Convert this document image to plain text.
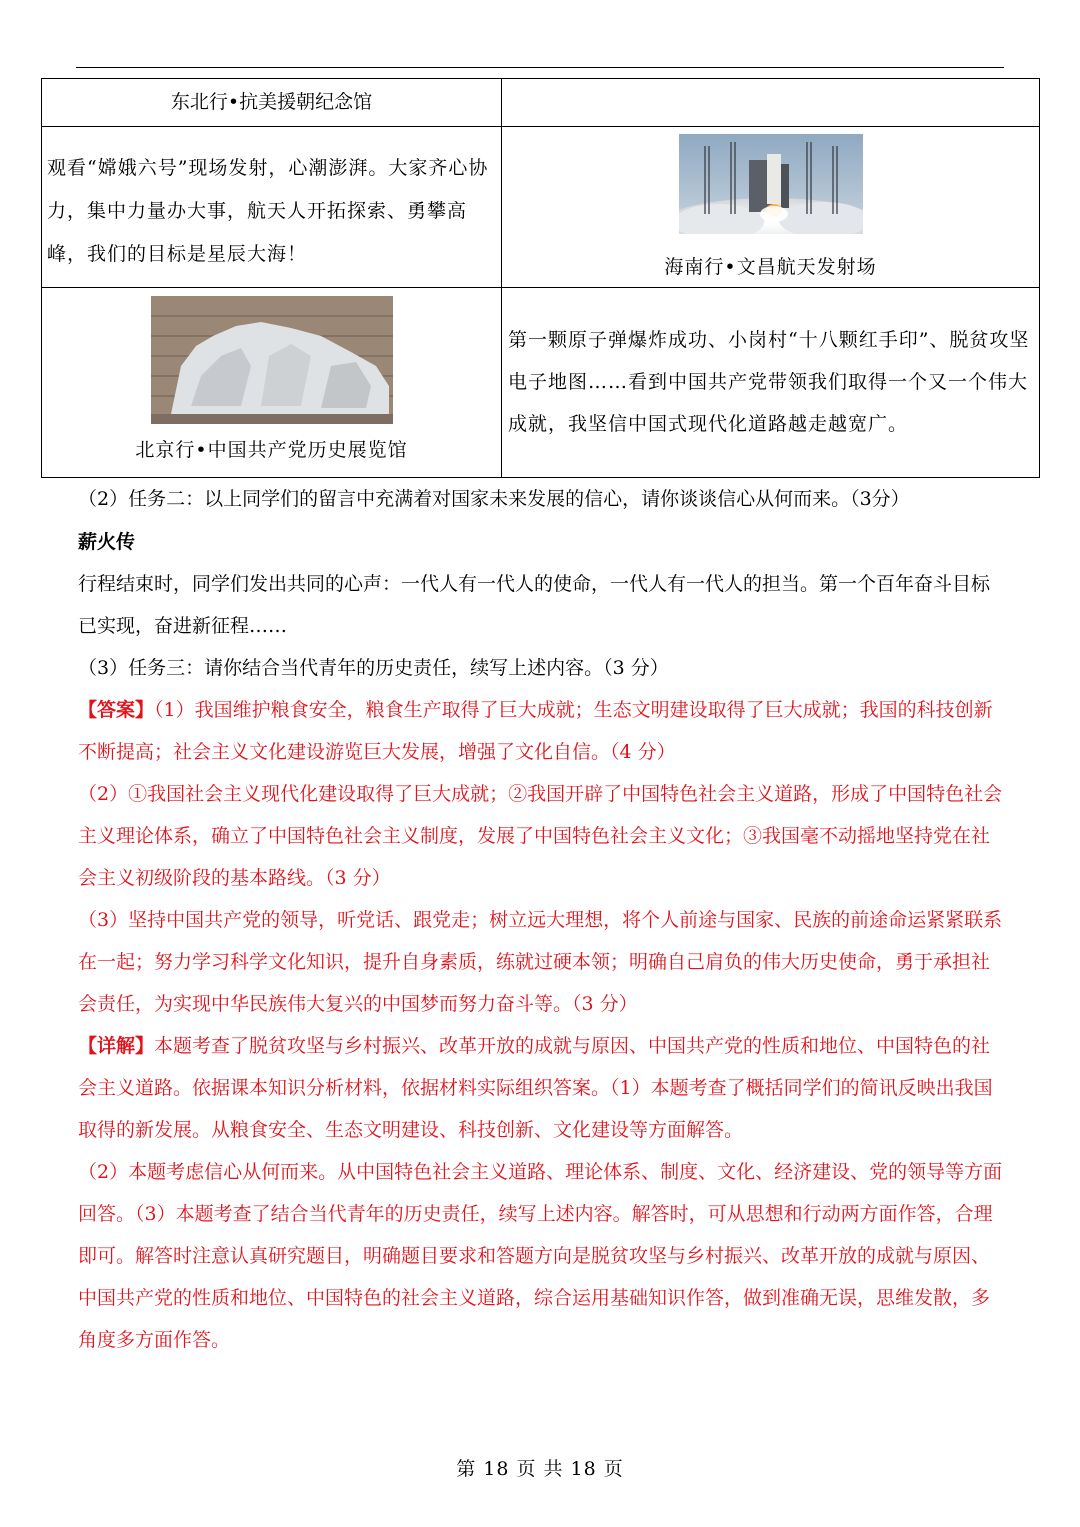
东北行•抗美援朝纪念馆	

观看“嫦娥六号”现场发射，心潮澎湃。大家齐心协力，集中力量办大事，航天人开拓探索、勇攀高峰，我们的目标是星辰大海！	海南行•文昌航天发射场

北京行•中国共产党历史展览馆	第一颗原子弹爆炸成功、小岗村“十八颗红手印”、脱贫攻坚电子地图……看到中国共产党带领我们取得一个又一个伟大成就，我坚信中国式现代化道路越走越宽广。

（2）任务二：以上同学们的留言中充满着对国家未来发展的信心，请你谈谈信心从何而来。（3分）

薪火传

行程结束时，同学们发出共同的心声：一代人有一代人的使命，一代人有一代人的担当。第一个百年奋斗目标已实现，奋进新征程……

（3）任务三：请你结合当代青年的历史责任，续写上述内容。（3 分）

【答案】（1）我国维护粮食安全，粮食生产取得了巨大成就；生态文明建设取得了巨大成就；我国的科技创新不断提高；社会主义文化建设游览巨大发展，增强了文化自信。（4 分）

（2）①我国社会主义现代化建设取得了巨大成就；②我国开辟了中国特色社会主义道路，形成了中国特色社会主义理论体系，确立了中国特色社会主义制度，发展了中国特色社会主义文化；③我国毫不动摇地坚持党在社会主义初级阶段的基本路线。（3 分）

（3）坚持中国共产党的领导，听党话、跟党走；树立远大理想，将个人前途与国家、民族的前途命运紧紧联系在一起；努力学习科学文化知识，提升自身素质，练就过硬本领；明确自己肩负的伟大历史使命，勇于承担社会责任，为实现中华民族伟大复兴的中国梦而努力奋斗等。（3 分）

【详解】本题考查了脱贫攻坚与乡村振兴、改革开放的成就与原因、中国共产党的性质和地位、中国特色的社会主义道路。依据课本知识分析材料，依据材料实际组织答案。（1）本题考查了概括同学们的简讯反映出我国取得的新发展。从粮食安全、生态文明建设、科技创新、文化建设等方面解答。

（2）本题考虑信心从何而来。从中国特色社会主义道路、理论体系、制度、文化、经济建设、党的领导等方面回答。（3）本题考查了结合当代青年的历史责任，续写上述内容。解答时，可从思想和行动两方面作答，合理即可。解答时注意认真研究题目，明确题目要求和答题方向是脱贫攻坚与乡村振兴、改革开放的成就与原因、中国共产党的性质和地位、中国特色的社会主义道路，综合运用基础知识作答，做到准确无误，思维发散，多角度多方面作答。

第 18 页 共 18 页
